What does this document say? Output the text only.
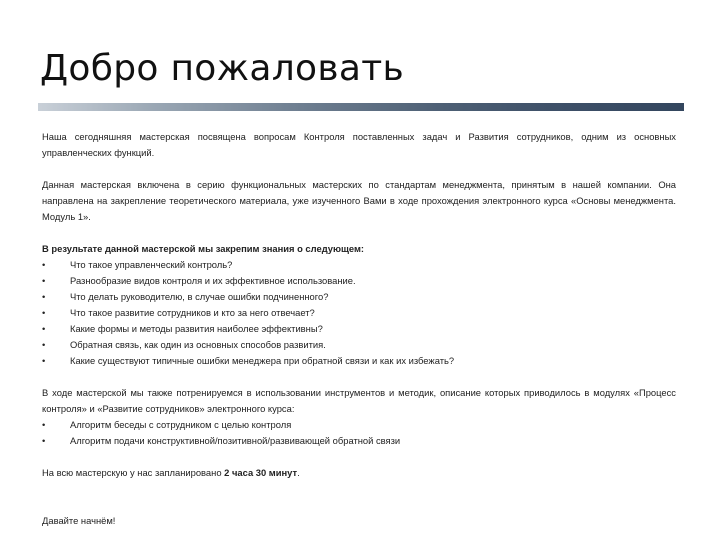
Добро пожаловать

Наша сегодняшняя мастерская посвящена вопросам Контроля поставленных задач и Развития сотрудников, одним из основных управленческих функций.

Данная мастерская включена в серию функциональных мастерских по стандартам менеджмента, принятым в нашей компании. Она направлена на закрепление теоретического материала, уже изученного Вами в ходе прохождения электронного курса «Основы менеджмента. Модуль 1».

В результате данной мастерской мы закрепим знания о следующем:

•	Что такое управленческий контроль?
•	Разнообразие видов контроля и их эффективное использование.
•	Что делать руководителю, в случае ошибки подчиненного?
•	Что такое развитие сотрудников и кто за него отвечает?
•	Какие формы и методы развития наиболее эффективны?
•	Обратная связь, как один из основных способов развития.
•	Какие существуют типичные ошибки менеджера при обратной связи и как их избежать?

В ходе мастерской мы также потренируемся в использовании инструментов и методик, описание которых приводилось в модулях «Процесс контроля» и «Развитие сотрудников» электронного курса:

•	Алгоритм беседы с сотрудником с целью контроля
•	Алгоритм подачи конструктивной/позитивной/развивающей обратной связи

На всю мастерскую у нас запланировано 2 часа 30 минут.

Давайте начнём!
